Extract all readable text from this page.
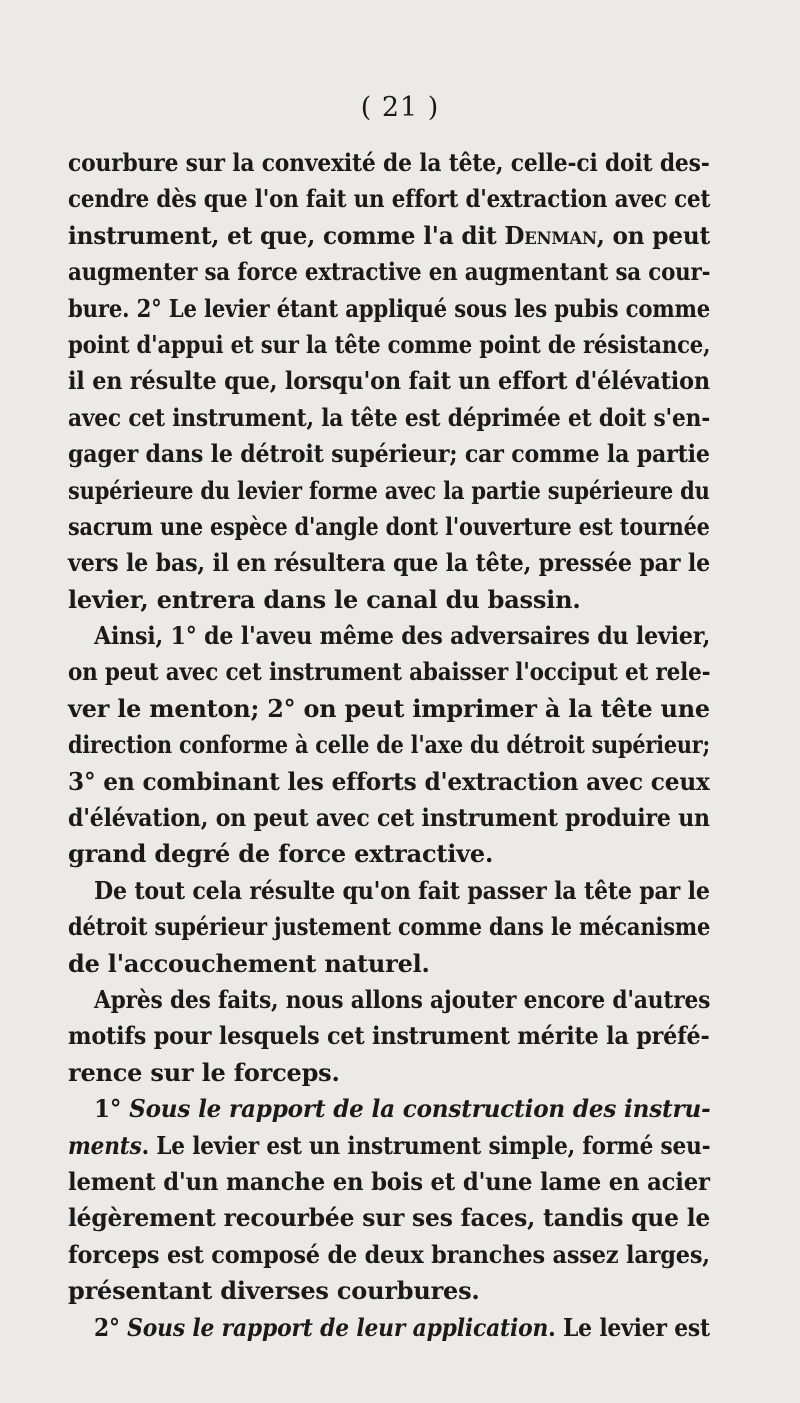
( 21 )
courbure sur la convexité de la tête, celle-ci doit des-
cendre dès que l'on fait un effort d'extraction avec cet
instrument, et que, comme l'a dit Denman, on peut
augmenter sa force extractive en augmentant sa cour-
bure. 2° Le levier étant appliqué sous les pubis comme
point d'appui et sur la tête comme point de résistance,
il en résulte que, lorsqu'on fait un effort d'élévation
avec cet instrument, la tête est déprimée et doit s'en-
gager dans le détroit supérieur; car comme la partie
supérieure du levier forme avec la partie supérieure du
sacrum une espèce d'angle dont l'ouverture est tournée
vers le bas, il en résultera que la tête, pressée par le
levier, entrera dans le canal du bassin.
Ainsi, 1° de l'aveu même des adversaires du levier,
on peut avec cet instrument abaisser l'occiput et rele-
ver le menton; 2° on peut imprimer à la tête une
direction conforme à celle de l'axe du détroit supérieur;
3° en combinant les efforts d'extraction avec ceux
d'élévation, on peut avec cet instrument produire un
grand degré de force extractive.
De tout cela résulte qu'on fait passer la tête par le
détroit supérieur justement comme dans le mécanisme
de l'accouchement naturel.
Après des faits, nous allons ajouter encore d'autres
motifs pour lesquels cet instrument mérite la préfé-
rence sur le forceps.
1° Sous le rapport de la construction des instru-
ments. Le levier est un instrument simple, formé seu-
lement d'un manche en bois et d'une lame en acier
légèrement recourbée sur ses faces, tandis que le
forceps est composé de deux branches assez larges,
présentant diverses courbures.
2° Sous le rapport de leur application. Le levier est
